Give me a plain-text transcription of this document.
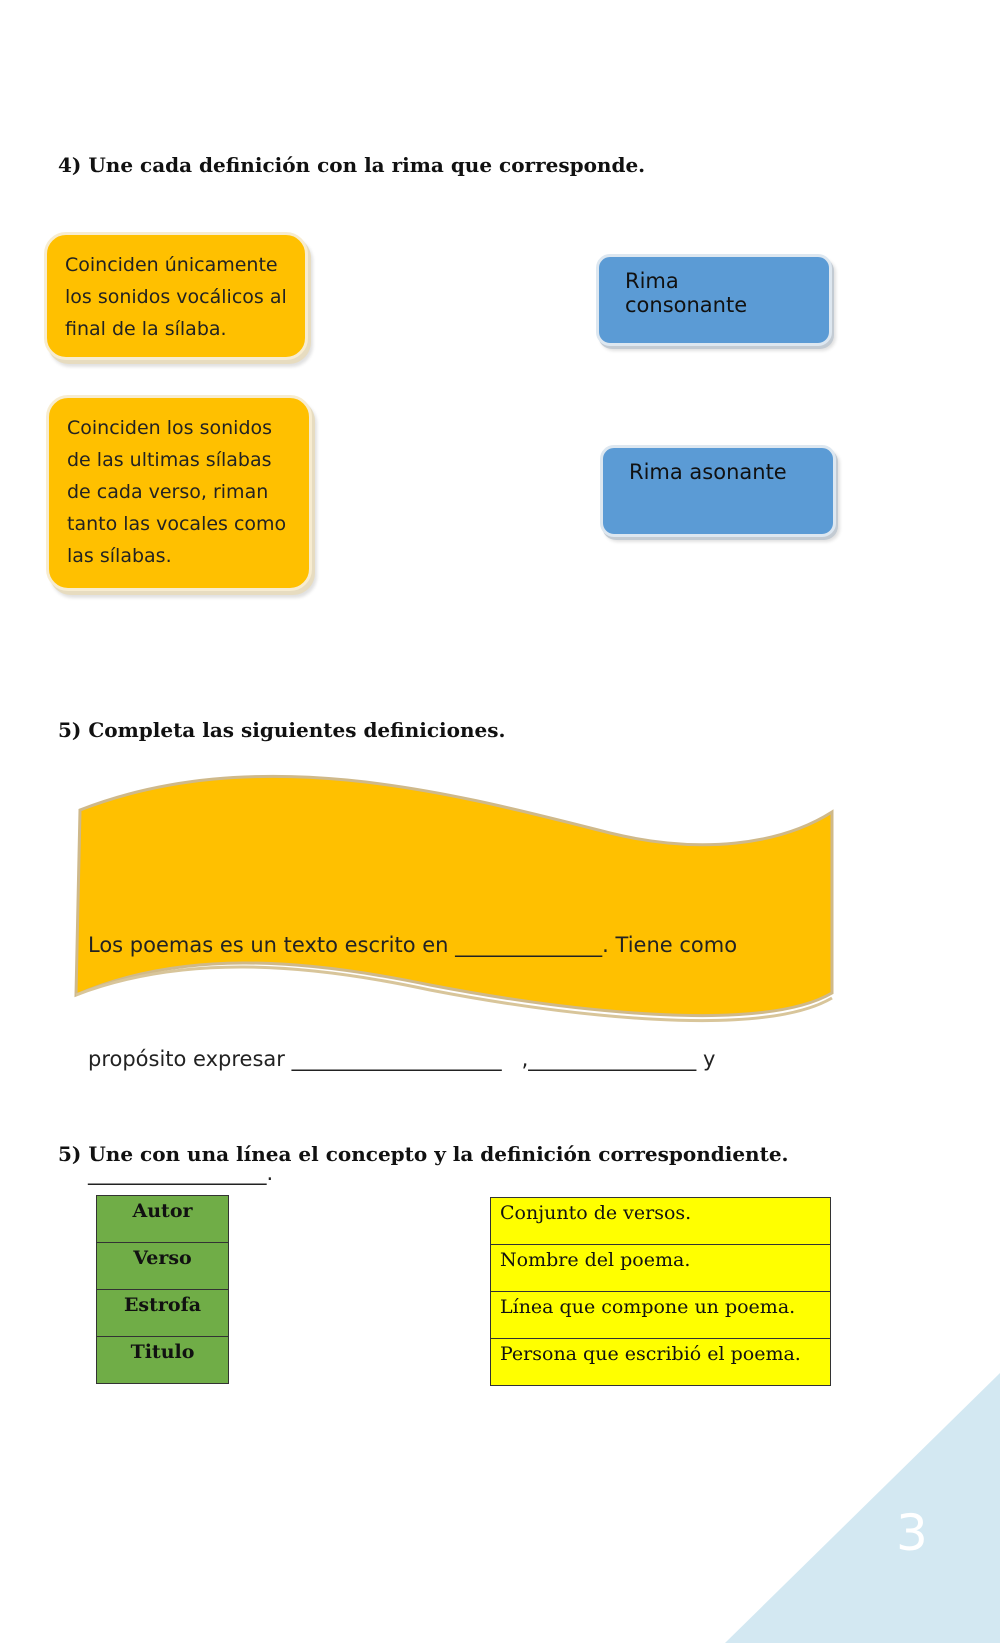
4) Une cada definición con la rima que corresponde.
Coinciden únicamente los sonidos vocálicos al final de la sílaba.
Coinciden los sonidos de las ultimas sílabas de cada verso, riman tanto las vocales como las sílabas.
Rima consonante
Rima asonante
5) Completa las siguientes definiciones.

Los poemas es un texto escrito en ______________. Tiene como

propósito expresar ____________________   ,________________ y

_________________.

5) Une con una línea el concepto y la definición correspondiente.
Autor
Verso
Estrofa
Titulo
Conjunto de versos.
Nombre del poema.
Línea que compone un poema.
Persona que escribió el poema.
3
